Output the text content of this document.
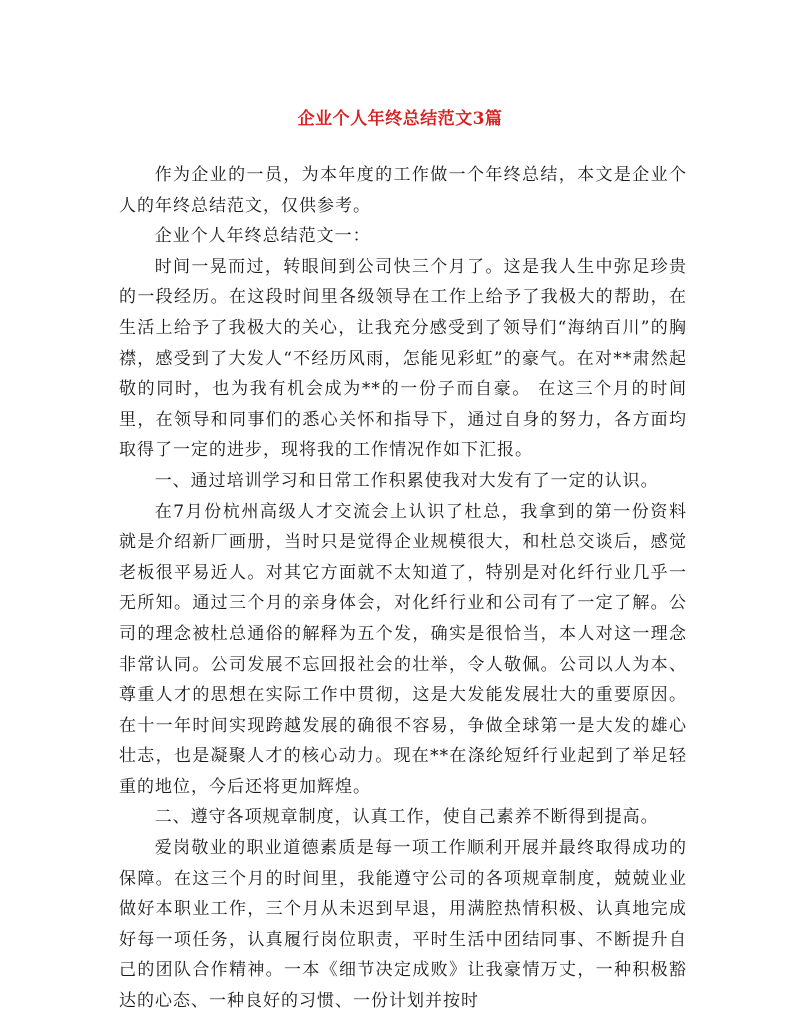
企业个人年终总结范文3篇

作为企业的一员，为本年度的工作做一个年终总结，本文是企业个人的年终总结范文，仅供参考。

企业个人年终总结范文一：

时间一晃而过，转眼间到公司快三个月了。这是我人生中弥足珍贵的一段经历。在这段时间里各级领导在工作上给予了我极大的帮助，在生活上给予了我极大的关心，让我充分感受到了领导们“海纳百川”的胸襟，感受到了大发人“不经历风雨，怎能见彩虹”的豪气。在对**肃然起敬的同时，也为我有机会成为**的一份子而自豪。 在这三个月的时间里，在领导和同事们的悉心关怀和指导下，通过自身的努力，各方面均取得了一定的进步，现将我的工作情况作如下汇报。

一、通过培训学习和日常工作积累使我对大发有了一定的认识。

在7月份杭州高级人才交流会上认识了杜总，我拿到的第一份资料就是介绍新厂画册，当时只是觉得企业规模很大，和杜总交谈后，感觉老板很平易近人。对其它方面就不太知道了，特别是对化纤行业几乎一无所知。通过三个月的亲身体会，对化纤行业和公司有了一定了解。公司的理念被杜总通俗的解释为五个发，确实是很恰当，本人对这一理念非常认同。公司发展不忘回报社会的壮举，令人敬佩。公司以人为本、尊重人才的思想在实际工作中贯彻，这是大发能发展壮大的重要原因。在十一年时间实现跨越发展的确很不容易，争做全球第一是大发的雄心壮志，也是凝聚人才的核心动力。现在**在涤纶短纤行业起到了举足轻重的地位，今后还将更加辉煌。

二、遵守各项规章制度，认真工作，使自己素养不断得到提高。

爱岗敬业的职业道德素质是每一项工作顺利开展并最终取得成功的保障。在这三个月的时间里，我能遵守公司的各项规章制度，兢兢业业做好本职业工作，三个月从未迟到早退，用满腔热情积极、认真地完成好每一项任务，认真履行岗位职责，平时生活中团结同事、不断提升自己的团队合作精神。一本《细节决定成败》让我豪情万丈，一种积极豁达的心态、一种良好的习惯、一份计划并按时
